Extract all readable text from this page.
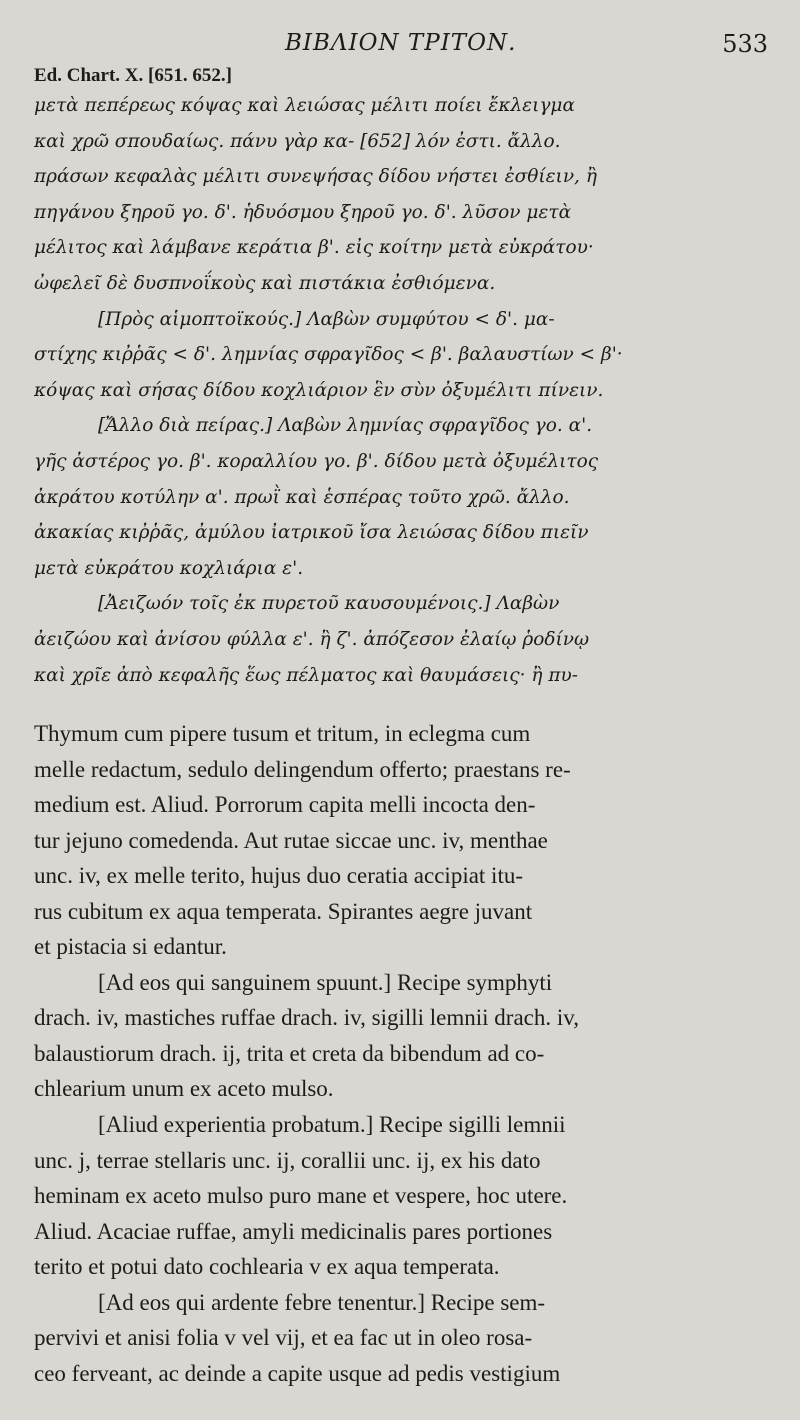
ΒΙΒΛΙΟΝ ΤΡΙΤΟΝ.	533
Ed. Chart. X. [651. 652.]
μετὰ πεπέρεως κόψας καὶ λειώσας μέλιτι ποίει ἔκλειγμα
καὶ χρῶ σπουδαίως. πάνυ γὰρ κα- [652] λόν ἐστι. ἄλλο.
πράσων κεφαλὰς μέλιτι συνεψήσας δίδου νήστει ἐσθίειν, ἢ
πηγάνου ξηροῦ γο. δ'. ἡδυόσμου ξηροῦ γο. δ'. λῦσον μετὰ
μέλιτος καὶ λάμβανε κεράτια β'. εἰς κοίτην μετὰ εὐκράτου·
ὠφελεῖ δὲ δυσπνοΐκοὺς καὶ πιστάκια ἐσθιόμενα.
[Πρὸς αἱμοπτοϊκούς.] Λαβὼν συμφύτου < δ'. μα-
στίχης κιῤῥᾶς < δ'. λημνίας σφραγῖδος < β'. βαλαυστίων < β'·
κόψας καὶ σήσας δίδου κοχλιάριον ἓν σὺν ὀξυμέλιτι πίνειν.
[Ἄλλο διὰ πείρας.] Λαβὼν λημνίας σφραγῖδος γο. α'.
γῆς ἀστέρος γο. β'. κοραλλίου γο. β'. δίδου μετὰ ὀξυμέλιτος
ἀκράτου κοτύλην α'. πρωῒ καὶ ἑσπέρας τοῦτο χρῶ. ἄλλο.
ἀκακίας κιῤῥᾶς, ἀμύλου ἰατρικοῦ ἴσα λειώσας δίδου πιεῖν
μετὰ εὐκράτου κοχλιάρια ε'.
[Ἀειζωόν τοῖς ἐκ πυρετοῦ καυσουμένοις.] Λαβὼν
ἀειζώου καὶ ἀνίσου φύλλα ε'. ἢ ζ'. ἀπόζεσον ἐλαίῳ ῥοδίνῳ
καὶ χρῖε ἀπὸ κεφαλῆς ἕως πέλματος καὶ θαυμάσεις· ἢ πυ-
Thymum cum pipere tusum et tritum, in eclegma cum
melle redactum, sedulo delingendum offerto; praestans re-
medium est. Aliud. Porrorum capita melli incocta den-
tur jejuno comedenda. Aut rutae siccae unc. iv, menthae
unc. iv, ex melle terito, hujus duo ceratia accipiat itu-
rus cubitum ex aqua temperata. Spirantes aegre juvant
et pistacia si edantur.
[Ad eos qui sanguinem spuunt.] Recipe symphyti
drach. iv, mastiches ruffae drach. iv, sigilli lemnii drach. iv,
balaustiorum drach. ij, trita et creta da bibendum ad co-
chlearium unum ex aceto mulso.
[Aliud experientia probatum.] Recipe sigilli lemnii
unc. j, terrae stellaris unc. ij, corallii unc. ij, ex his dato
heminam ex aceto mulso puro mane et vespere, hoc utere.
Aliud. Acaciae ruffae, amyli medicinalis pares portiones
terito et potui dato cochlearia v ex aqua temperata.
[Ad eos qui ardente febre tenentur.] Recipe sem-
pervivi et anisi folia v vel vij, et ea fac ut in oleo rosa-
ceo ferveant, ac deinde a capite usque ad pedis vestigium
